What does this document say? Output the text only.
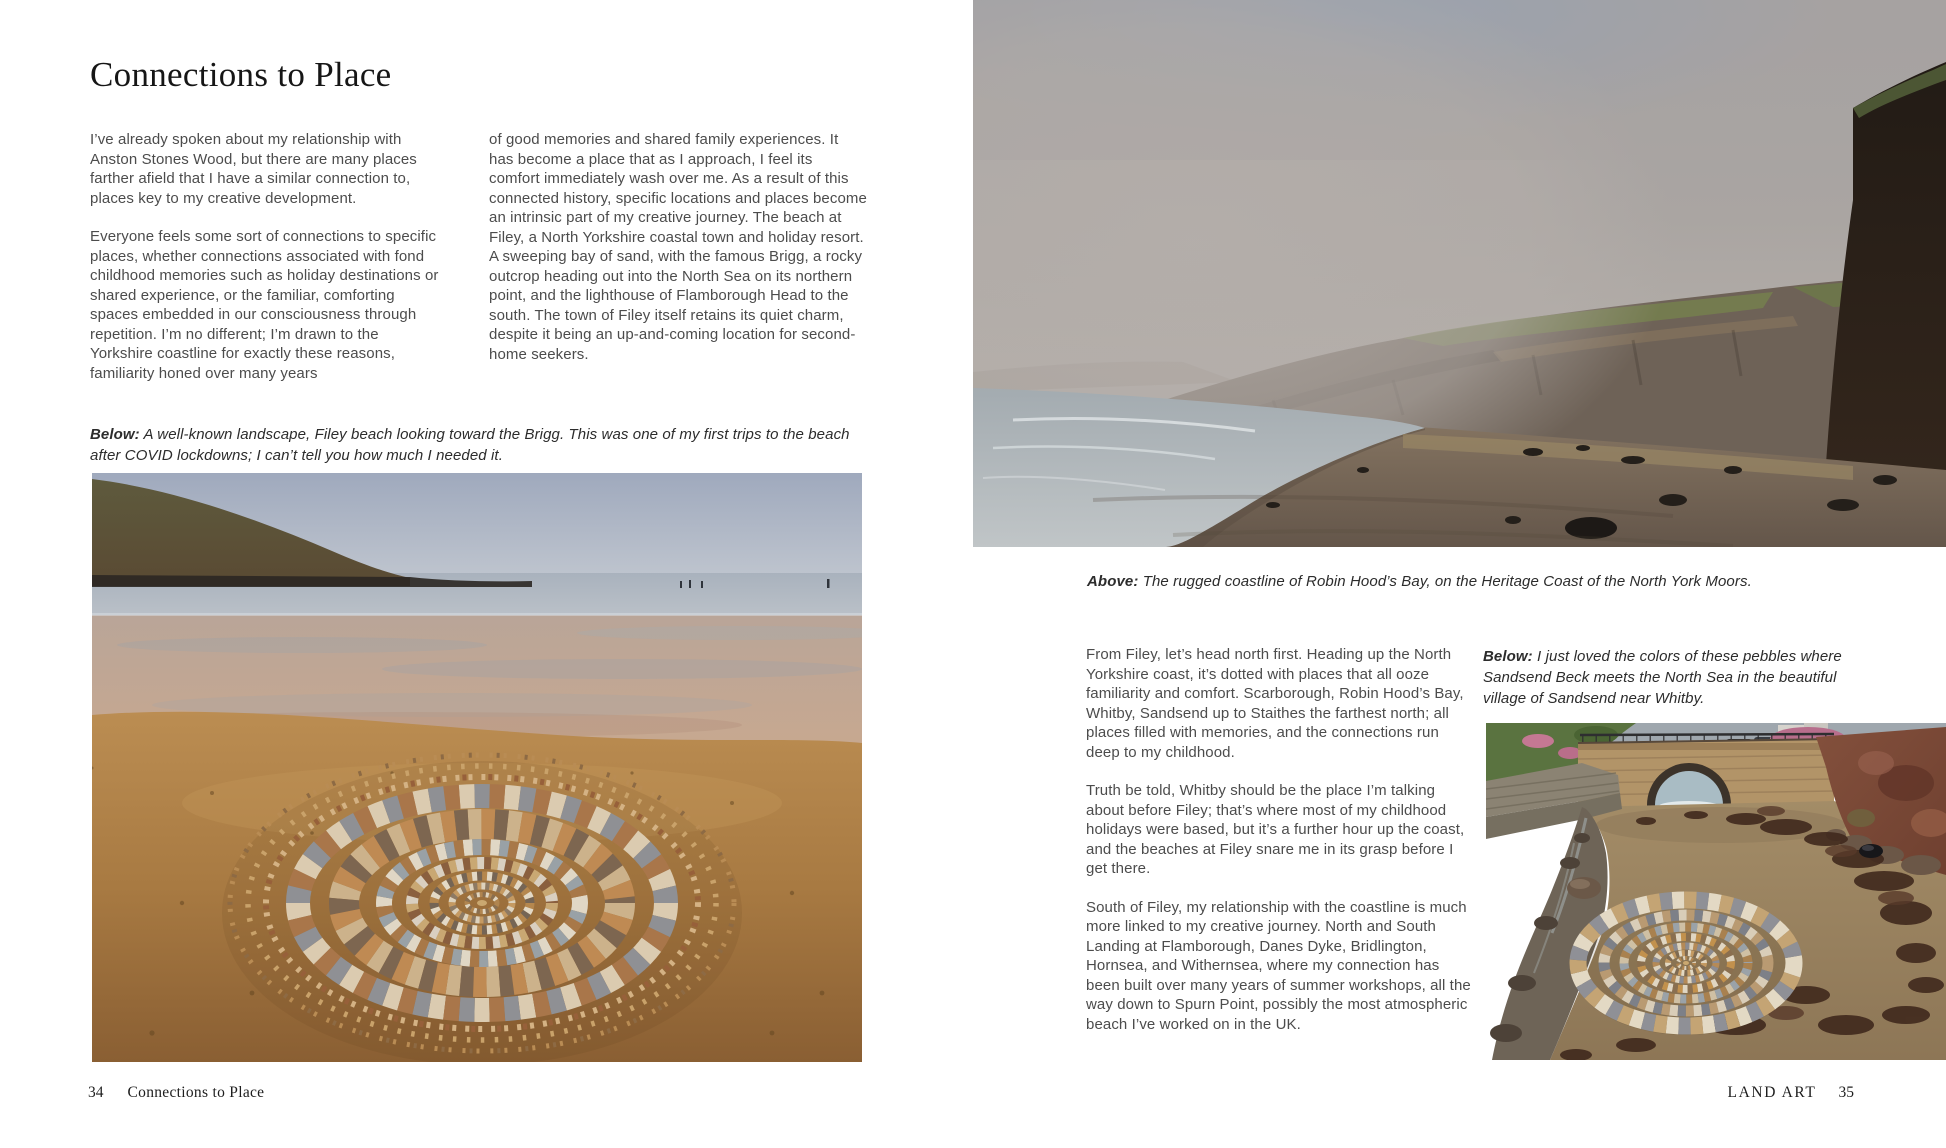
Connections to Place

I’ve already spoken about my relationship with Anston Stones Wood, but there are many places farther afield that I have a similar connection to, places key to my creative development.

Everyone feels some sort of connections to specific places, whether connections associated with fond childhood memories such as holiday destinations or shared experience, or the familiar, comforting spaces embedded in our consciousness through repetition. I’m no different; I’m drawn to the Yorkshire coastline for exactly these reasons, familiarity honed over many years

of good memories and shared family experiences. It has become a place that as I approach, I feel its comfort immediately wash over me. As a result of this connected history, specific locations and places become an intrinsic part of my creative journey. The beach at Filey, a North Yorkshire coastal town and holiday resort. A sweeping bay of sand, with the famous Brigg, a rocky outcrop heading out into the North Sea on its northern point, and the lighthouse of Flamborough Head to the south. The town of Filey itself retains its quiet charm, despite it being an up-and-coming location for second-home seekers.

Below: A well-known landscape, Filey beach looking toward the Brigg. This was one of my first trips to the beach after COVID lockdowns; I can’t tell you how much I needed it.

34 Connections to Place

Above: The rugged coastline of Robin Hood’s Bay, on the Heritage Coast of the North York Moors.

From Filey, let’s head north first. Heading up the North Yorkshire coast, it’s dotted with places that all ooze familiarity and comfort. Scarborough, Robin Hood’s Bay, Whitby, Sandsend up to Staithes the farthest north; all places filled with memories, and the connections run deep to my childhood.

Truth be told, Whitby should be the place I’m talking about before Filey; that’s where most of my childhood holidays were based, but it’s a further hour up the coast, and the beaches at Filey snare me in its grasp before I get there.

South of Filey, my relationship with the coastline is much more linked to my creative journey. North and South Landing at Flamborough, Danes Dyke, Bridlington, Hornsea, and Withernsea, where my connection has been built over many years of summer workshops, all the way down to Spurn Point, possibly the most atmospheric beach I’ve worked on in the UK.

Below: I just loved the colors of these pebbles where Sandsend Beck meets the North Sea in the beautiful village of Sandsend near Whitby.

LAND ART 35
